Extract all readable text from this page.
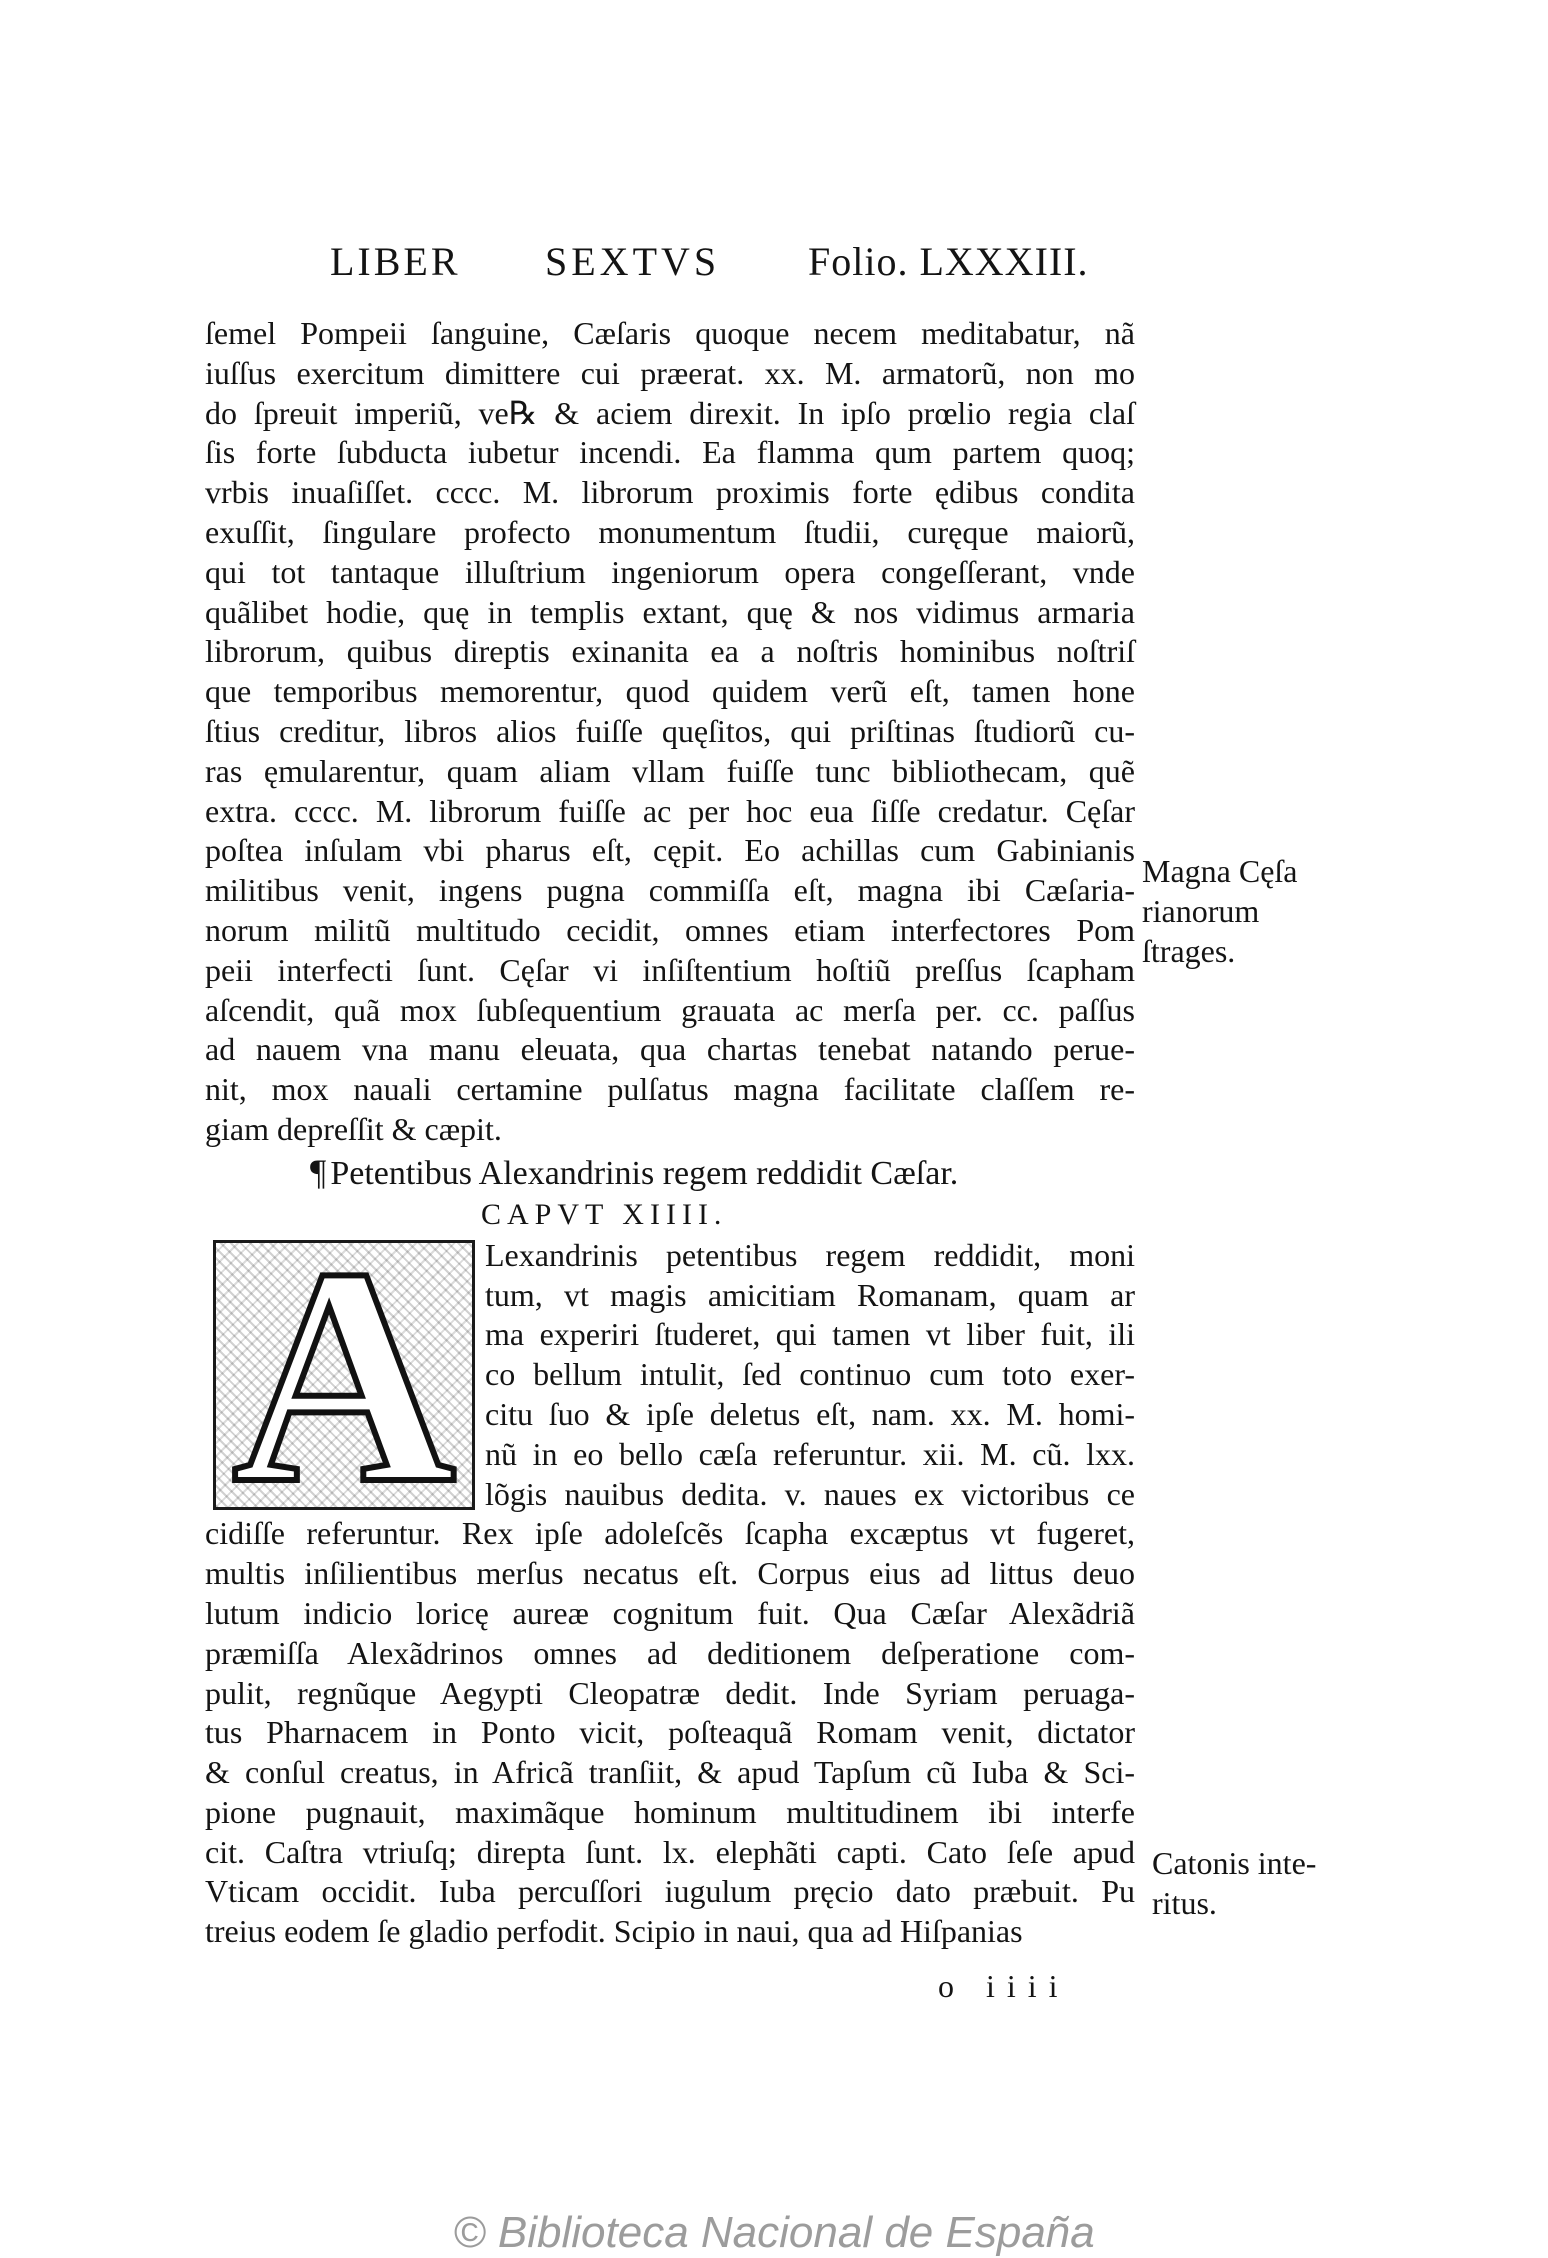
LIBER SEXTVS Folio. LXXXIII.
ſemel Pompeii ſanguine, Cæſaris quoque necem meditabatur, nã
iuſſus exercitum dimittere cui præerat. xx. M. armatorũ, non mo
do ſpreuit imperiũ, ve℞ & aciem direxit. In ipſo prœlio regia claſ
ſis forte ſubducta iubetur incendi. Ea flamma qum partem quoq;
vrbis inuaſiſſet. cccc. M. librorum proximis forte ędibus condita
exuſſit, ſingulare profecto monumentum ſtudii, curęque maiorũ,
qui tot tantaque illuſtrium ingeniorum opera congeſſerant, vnde
quãlibet hodie, quę in templis extant, quę & nos vidimus armaria
librorum, quibus direptis exinanita ea a noſtris hominibus noſtriſ
que temporibus memorentur, quod quidem verũ eſt, tamen hone
ſtius creditur, libros alios fuiſſe quęſitos, qui priſtinas ſtudiorũ cu-
ras ęmularentur, quam aliam vllam fuiſſe tunc bibliothecam, quẽ
extra. cccc. M. librorum fuiſſe ac per hoc eua ſiſſe credatur. Cęſar
poſtea inſulam vbi pharus eſt, cępit. Eo achillas cum Gabinianis
militibus venit, ingens pugna commiſſa eſt, magna ibi Cæſaria-
norum militũ multitudo cecidit, omnes etiam interfectores Pom
peii interfecti ſunt. Cęſar vi inſiſtentium hoſtiũ preſſus ſcapham
aſcendit, quã mox ſubſequentium grauata ac merſa per. cc. paſſus
ad nauem vna manu eleuata, qua chartas tenebat natando perue-
nit, mox nauali certamine pulſatus magna facilitate claſſem re-
giam depreſſit & cæpit.
¶ Petentibus Alexandrinis regem reddidit Cæſar.
CAPVT XIIII.
A Lexandrinis petentibus regem reddidit, moni
tum, vt magis amicitiam Romanam, quam ar
ma experiri ſtuderet, qui tamen vt liber fuit, ili
co bellum intulit, ſed continuo cum toto exer-
citu ſuo & ipſe deletus eſt, nam. xx. M. homi-
nũ in eo bello cæſa referuntur. xii. M. cũ. lxx.
lõgis nauibus dedita. v. naues ex victoribus ce
cidiſſe referuntur. Rex ipſe adoleſcẽs ſcapha excæptus vt fugeret,
multis inſilientibus merſus necatus eſt. Corpus eius ad littus deuo
lutum indicio loricę aureæ cognitum fuit. Qua Cæſar Alexãdriã
præmiſſa Alexãdrinos omnes ad deditionem deſperatione com-
pulit, regnũque Aegypti Cleopatræ dedit. Inde Syriam peruaga-
tus Pharnacem in Ponto vicit, poſteaquã Romam venit, dictator
& conſul creatus, in Africã tranſiit, & apud Tapſum cũ Iuba & Sci-
pione pugnauit, maximãque hominum multitudinem ibi interfe
cit. Caſtra vtriuſq; direpta ſunt. lx. elephãti capti. Cato ſeſe apud
Vticam occidit. Iuba percuſſori iugulum pręcio dato præbuit. Pu
treius eodem ſe gladio perfodit. Scipio in naui, qua ad Hiſpanias
Magna Cęſa
rianorum
ſtrages.
Catonis inte-
ritus.
o iiii
© Biblioteca Nacional de España
